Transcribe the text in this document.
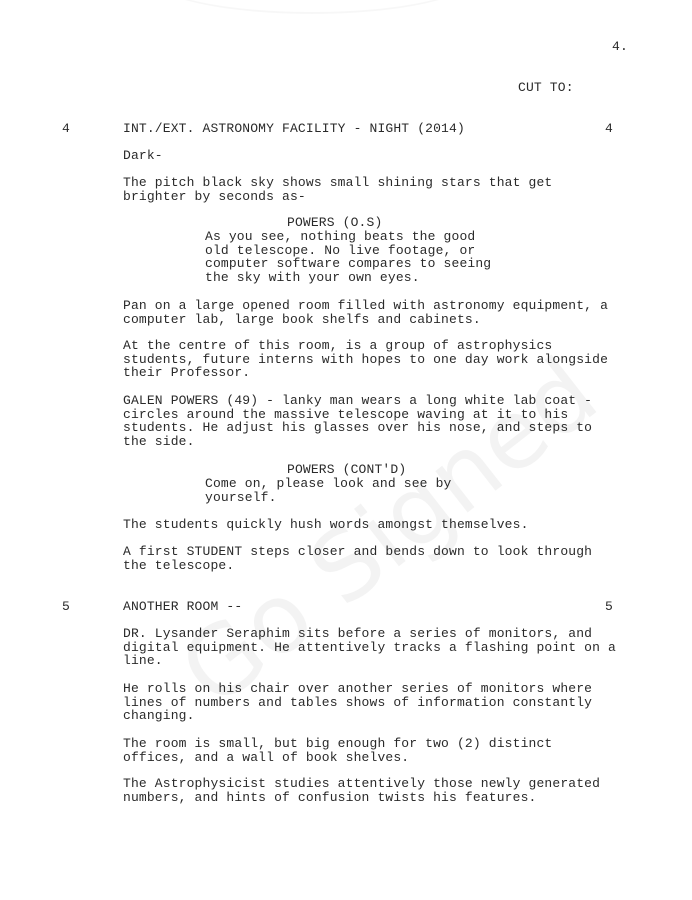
4.
CUT TO:
4	INT./EXT. ASTRONOMY FACILITY - NIGHT (2014)	4
Dark-
The pitch black sky shows small shining stars that get brighter by seconds as-
POWERS (O.S)
As you see, nothing beats the good old telescope. No live footage, or computer software compares to seeing the sky with your own eyes.
Pan on a large opened room filled with astronomy equipment, a computer lab, large book shelfs and cabinets.
At the centre of this room, is a group of astrophysics students, future interns with hopes to one day work alongside their Professor.
GALEN POWERS (49) - lanky man wears a long white lab coat - circles around the massive telescope waving at it to his students. He adjust his glasses over his nose, and steps to the side.
POWERS (CONT'D)
Come on, please look and see by yourself.
The students quickly hush words amongst themselves.
A first STUDENT steps closer and bends down to look through the telescope.
5	ANOTHER ROOM --	5
DR. Lysander Seraphim sits before a series of monitors, and digital equipment. He attentively tracks a flashing point on a line.
He rolls on his chair over another series of monitors where lines of numbers and tables shows of information constantly changing.
The room is small, but big enough for two (2) distinct offices, and a wall of book shelves.
The Astrophysicist studies attentively those newly generated numbers, and hints of confusion twists his features.
